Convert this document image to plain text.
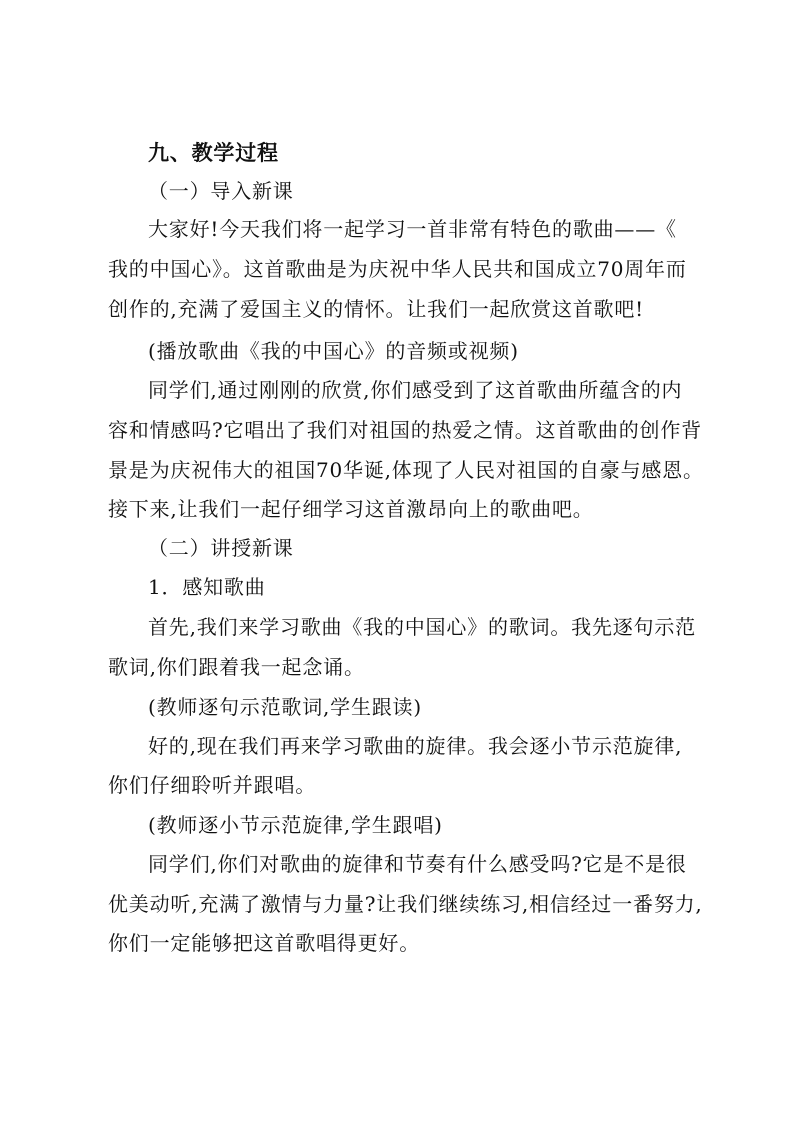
九、教学过程
（一）导入新课
大家好!今天我们将一起学习一首非常有特色的歌曲——《
我的中国心》。这首歌曲是为庆祝中华人民共和国成立70周年而
创作的,充满了爱国主义的情怀。让我们一起欣赏这首歌吧!
(播放歌曲《我的中国心》的音频或视频)
同学们,通过刚刚的欣赏,你们感受到了这首歌曲所蕴含的内
容和情感吗?它唱出了我们对祖国的热爱之情。这首歌曲的创作背
景是为庆祝伟大的祖国70华诞,体现了人民对祖国的自豪与感恩。
接下来,让我们一起仔细学习这首激昂向上的歌曲吧。
（二）讲授新课
1．感知歌曲
首先,我们来学习歌曲《我的中国心》的歌词。我先逐句示范
歌词,你们跟着我一起念诵。
(教师逐句示范歌词,学生跟读)
好的,现在我们再来学习歌曲的旋律。我会逐小节示范旋律,
你们仔细聆听并跟唱。
(教师逐小节示范旋律,学生跟唱)
同学们,你们对歌曲的旋律和节奏有什么感受吗?它是不是很
优美动听,充满了激情与力量?让我们继续练习,相信经过一番努力,
你们一定能够把这首歌唱得更好。
